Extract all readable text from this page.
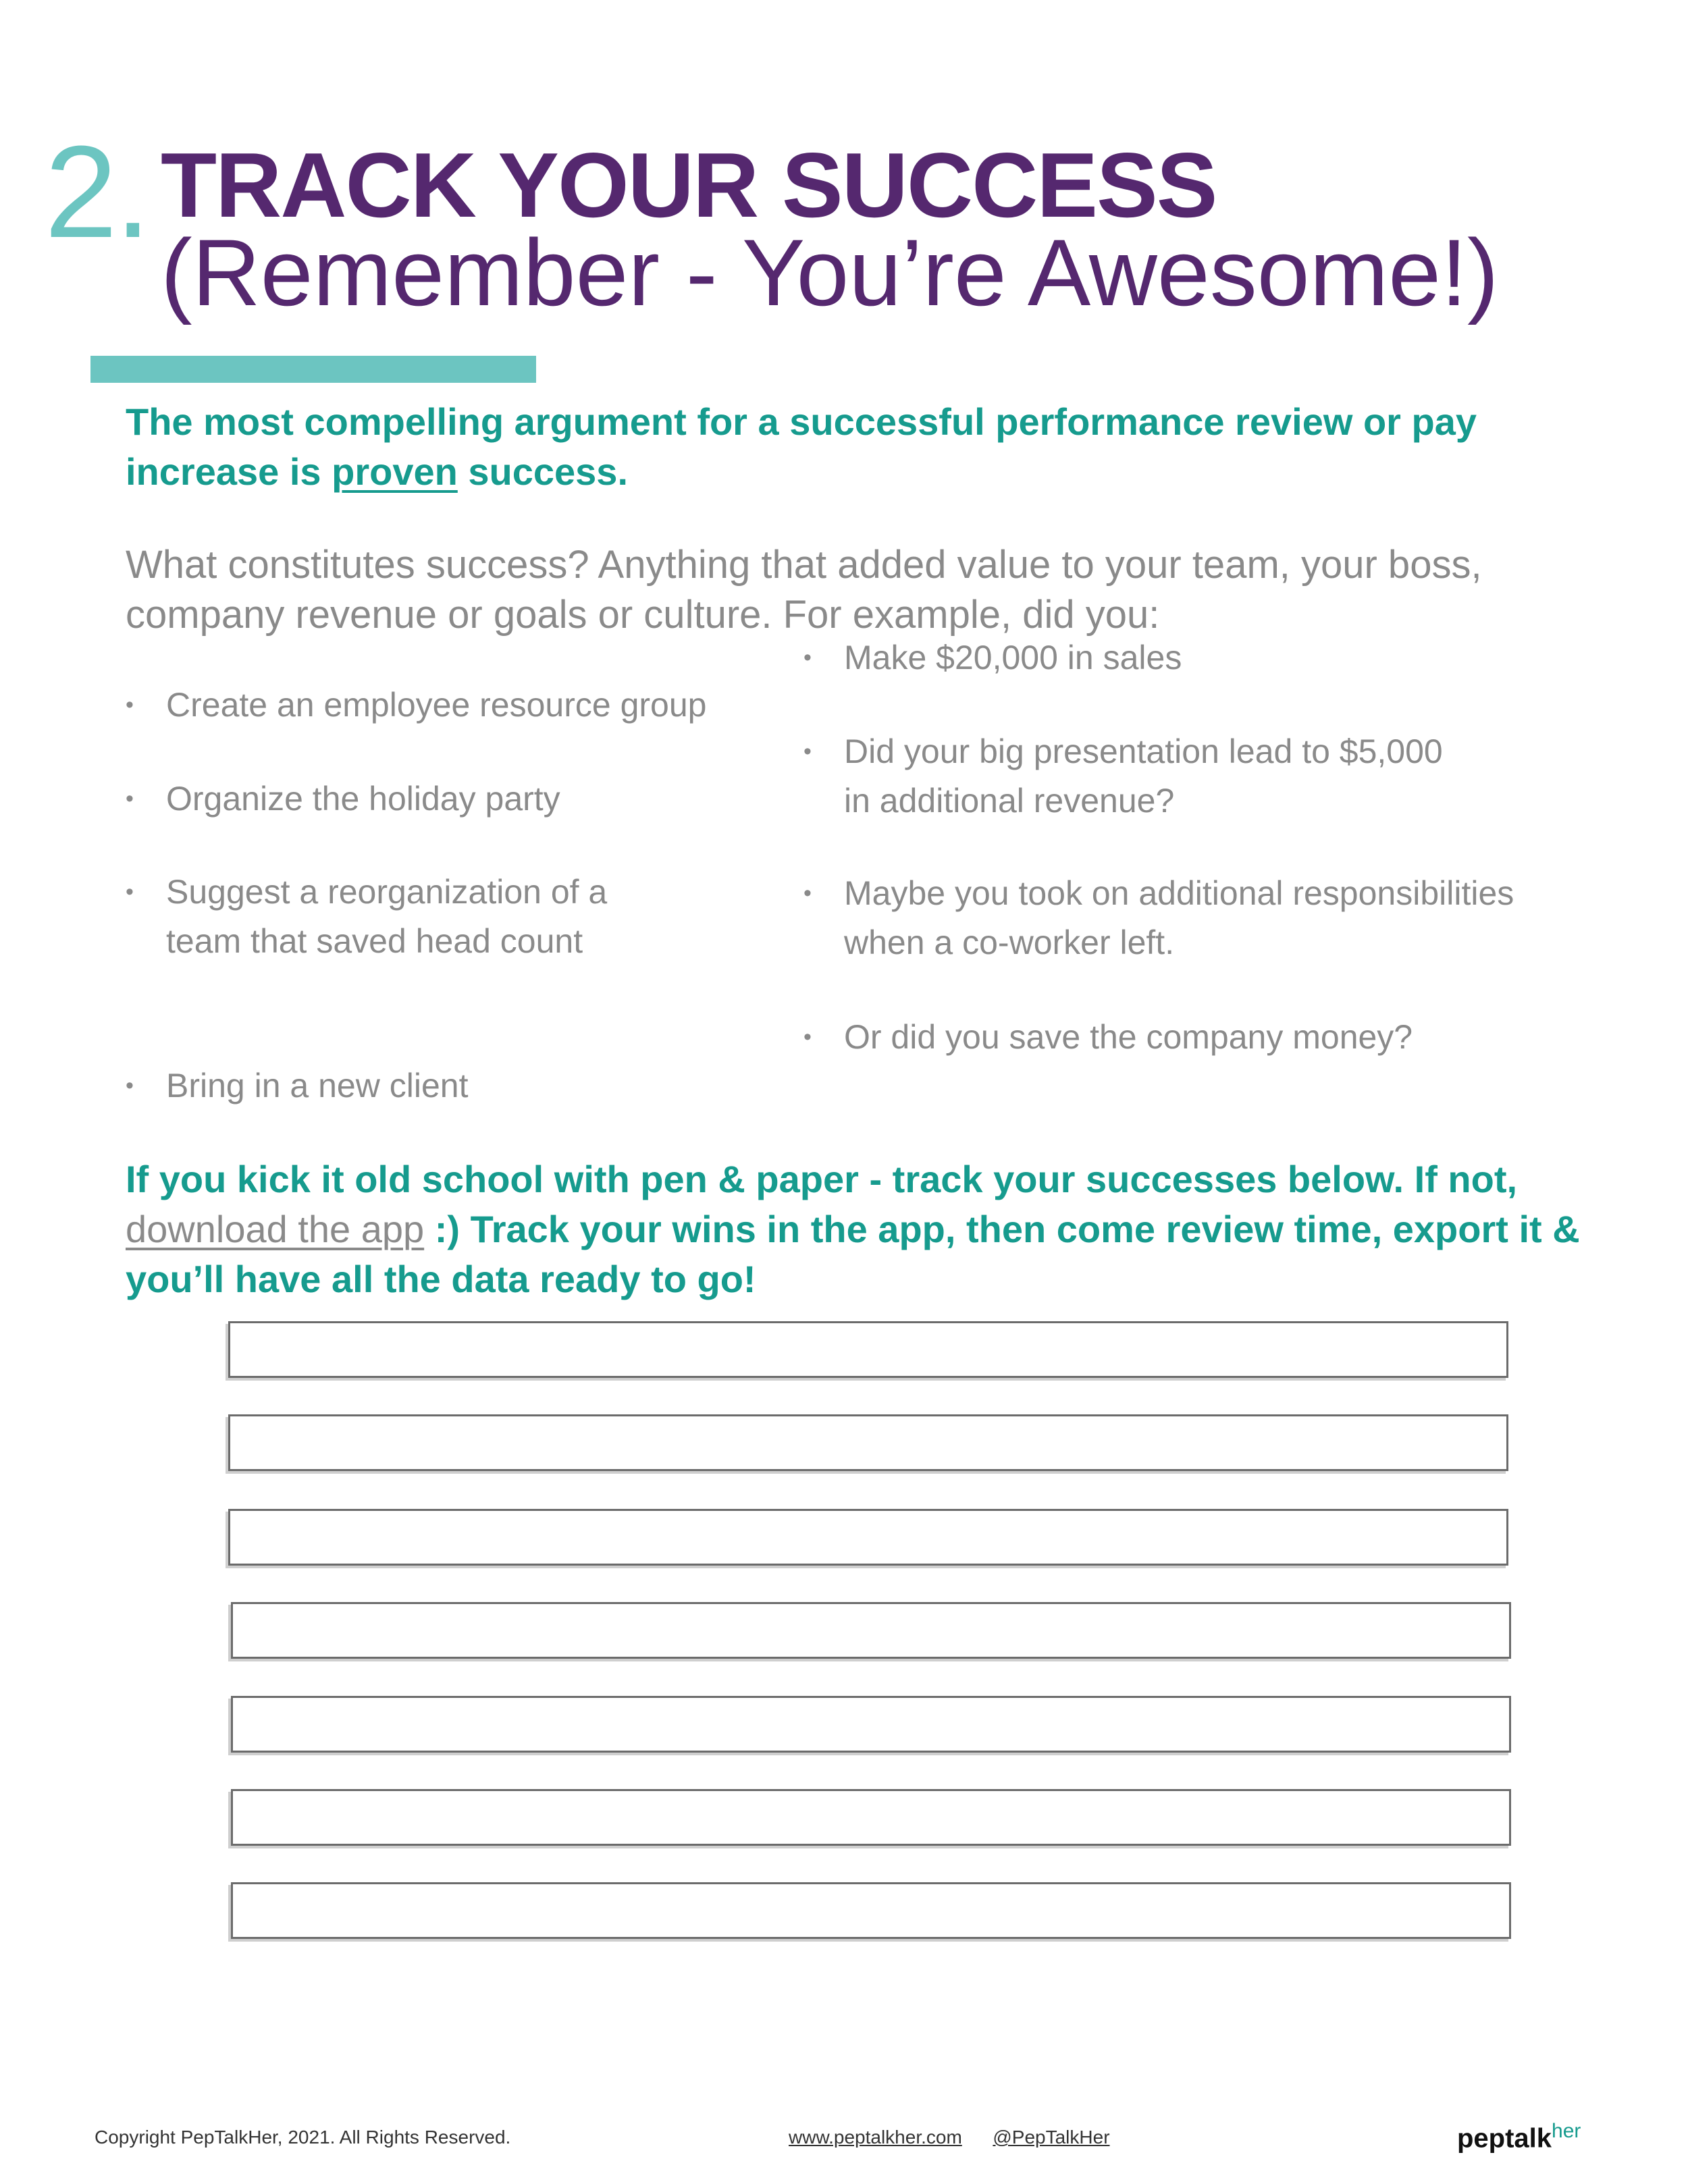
2. TRACK YOUR SUCCESS
(Remember - You’re Awesome!)
The most compelling argument for a successful performance review or pay increase is proven success.
What constitutes success? Anything that added value to your team, your boss, company revenue or goals or culture. For example, did you:
• Create an employee resource group
• Organize the holiday party
• Suggest a reorganization of a team that saved head count
• Bring in a new client
• Make $20,000 in sales
• Did your big presentation lead to $5,000 in additional revenue?
• Maybe you took on additional responsibilities when a co-worker left.
• Or did you save the company money?
If you kick it old school with pen & paper - track your successes below. If not, download the app :) Track your wins in the app, then come review time, export it & you’ll have all the data ready to go!
Copyright PepTalkHer, 2021. All Rights Reserved.	www.peptalkher.com @PepTalkHer	peptalk$^{her}$
